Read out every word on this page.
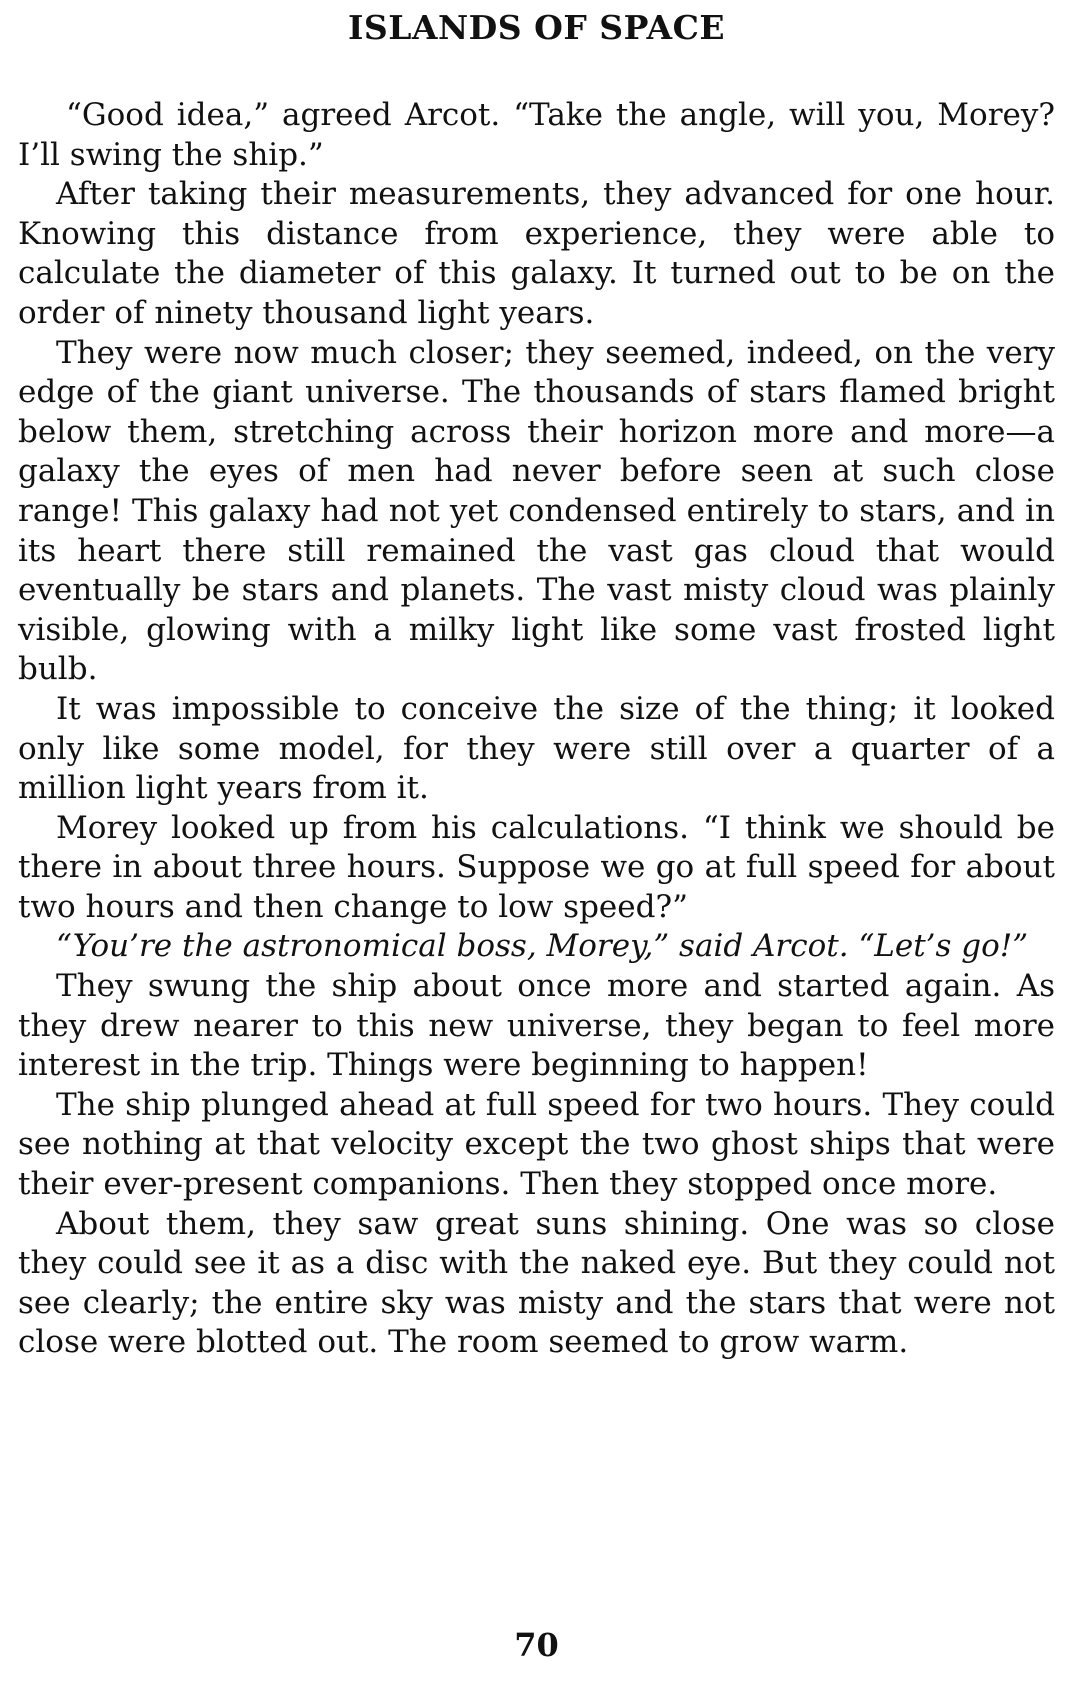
ISLANDS OF SPACE

“Good idea,” agreed Arcot. “Take the angle, will you, Morey? I’ll swing the ship.”

After taking their measurements, they advanced for one hour. Knowing this distance from experience, they were able to calculate the diameter of this galaxy. It turned out to be on the order of ninety thousand light years.

They were now much closer; they seemed, indeed, on the very edge of the giant universe. The thousands of stars flamed bright below them, stretching across their horizon more and more—a galaxy the eyes of men had never before seen at such close range! This galaxy had not yet condensed entirely to stars, and in its heart there still remained the vast gas cloud that would eventually be stars and planets. The vast misty cloud was plainly visible, glowing with a milky light like some vast frosted light bulb.

It was impossible to conceive the size of the thing; it looked only like some model, for they were still over a quarter of a million light years from it.

Morey looked up from his calculations. “I think we should be there in about three hours. Suppose we go at full speed for about two hours and then change to low speed?”

“You’re the astronomical boss, Morey,” said Arcot. “Let’s go!”

They swung the ship about once more and started again. As they drew nearer to this new universe, they began to feel more interest in the trip. Things were beginning to happen!

The ship plunged ahead at full speed for two hours. They could see nothing at that velocity except the two ghost ships that were their ever-present companions. Then they stopped once more.

About them, they saw great suns shining. One was so close they could see it as a disc with the naked eye. But they could not see clearly; the entire sky was misty and the stars that were not close were blotted out. The room seemed to grow warm.

70
